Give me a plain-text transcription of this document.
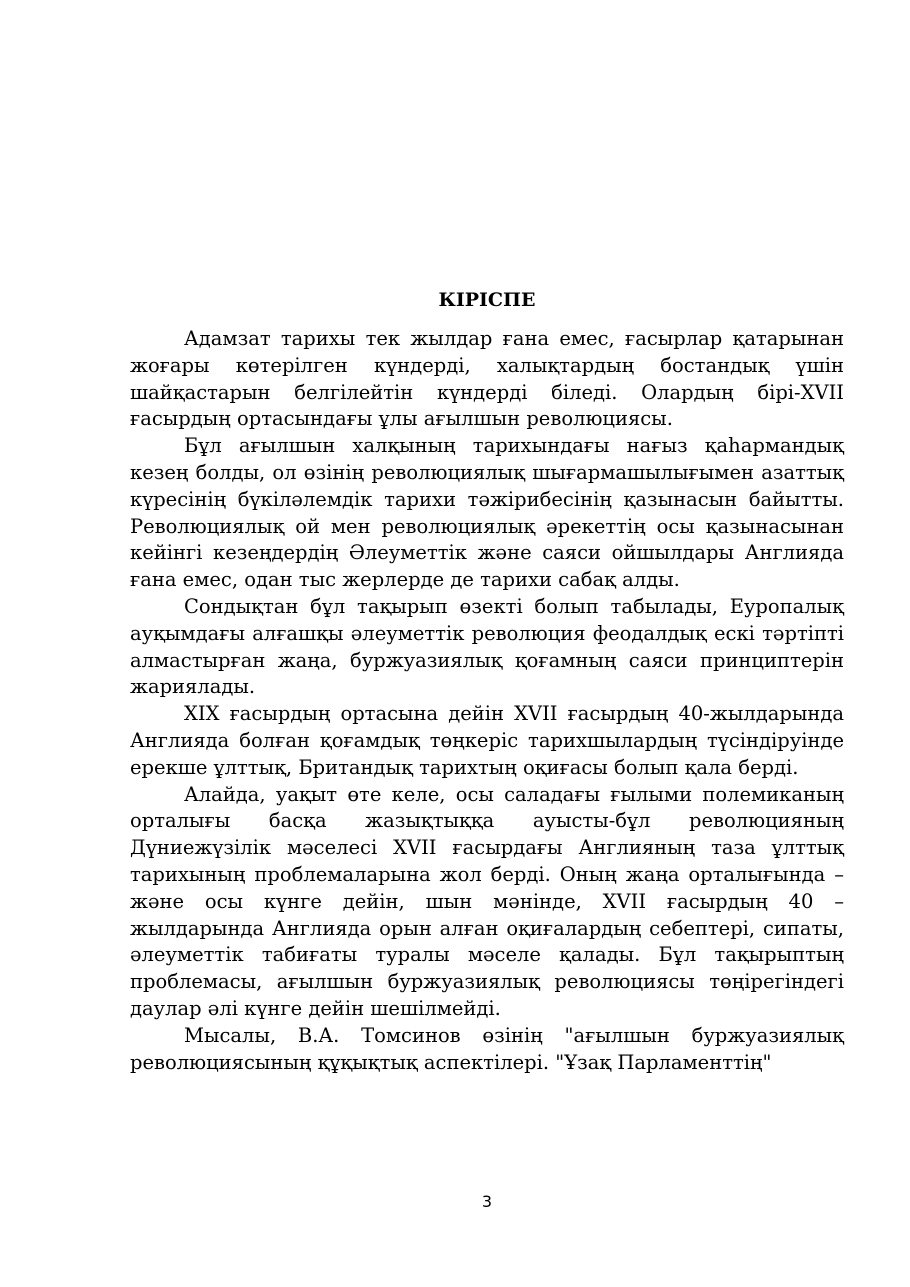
КІРІСПЕ

Адамзат тарихы тек жылдар ғана емес, ғасырлар қатарынан жоғары көтерілген күндерді, халықтардың бостандық үшін шайқастарын белгілейтін күндерді біледі. Олардың бірі-XVII ғасырдың ортасындағы ұлы ағылшын революциясы.

Бұл ағылшын халқының тарихындағы нағыз қаһармандық кезең болды, ол өзінің революциялық шығармашылығымен азаттық күресінің бүкіләлемдік тарихи тәжірибесінің қазынасын байытты. Революциялық ой мен революциялық әрекеттің осы қазынасынан кейінгі кезеңдердің Әлеуметтік және саяси ойшылдары Англияда ғана емес, одан тыс жерлерде де тарихи сабақ алды.

Сондықтан бұл тақырып өзекті болып табылады, Еуропалық ауқымдағы алғашқы әлеуметтік революция феодалдық ескі тәртіпті алмастырған жаңа, буржуазиялық қоғамның саяси принциптерін жариялады.

XIX ғасырдың ортасына дейін XVII ғасырдың 40-жылдарында Англияда болған қоғамдық төңкеріс тарихшылардың түсіндіруінде ерекше ұлттық, Британдық тарихтың оқиғасы болып қала берді.

Алайда, уақыт өте келе, осы саладағы ғылыми полемиканың орталығы басқа жазықтыққа ауысты-бұл революцияның Дүниежүзілік мәселесі XVII ғасырдағы Англияның таза ұлттық тарихының проблемаларына жол берді. Оның жаңа орталығында – және осы күнге дейін, шын мәнінде, XVII ғасырдың 40 – жылдарында Англияда орын алған оқиғалардың себептері, сипаты, әлеуметтік табиғаты туралы мәселе қалады. Бұл тақырыптың проблемасы, ағылшын буржуазиялық революциясы төңірегіндегі даулар әлі күнге дейін шешілмейді.

Мысалы, В.А. Томсинов өзінің "ағылшын буржуазиялық революциясының құқықтық аспектілері. "Ұзақ Парламенттің"

3
